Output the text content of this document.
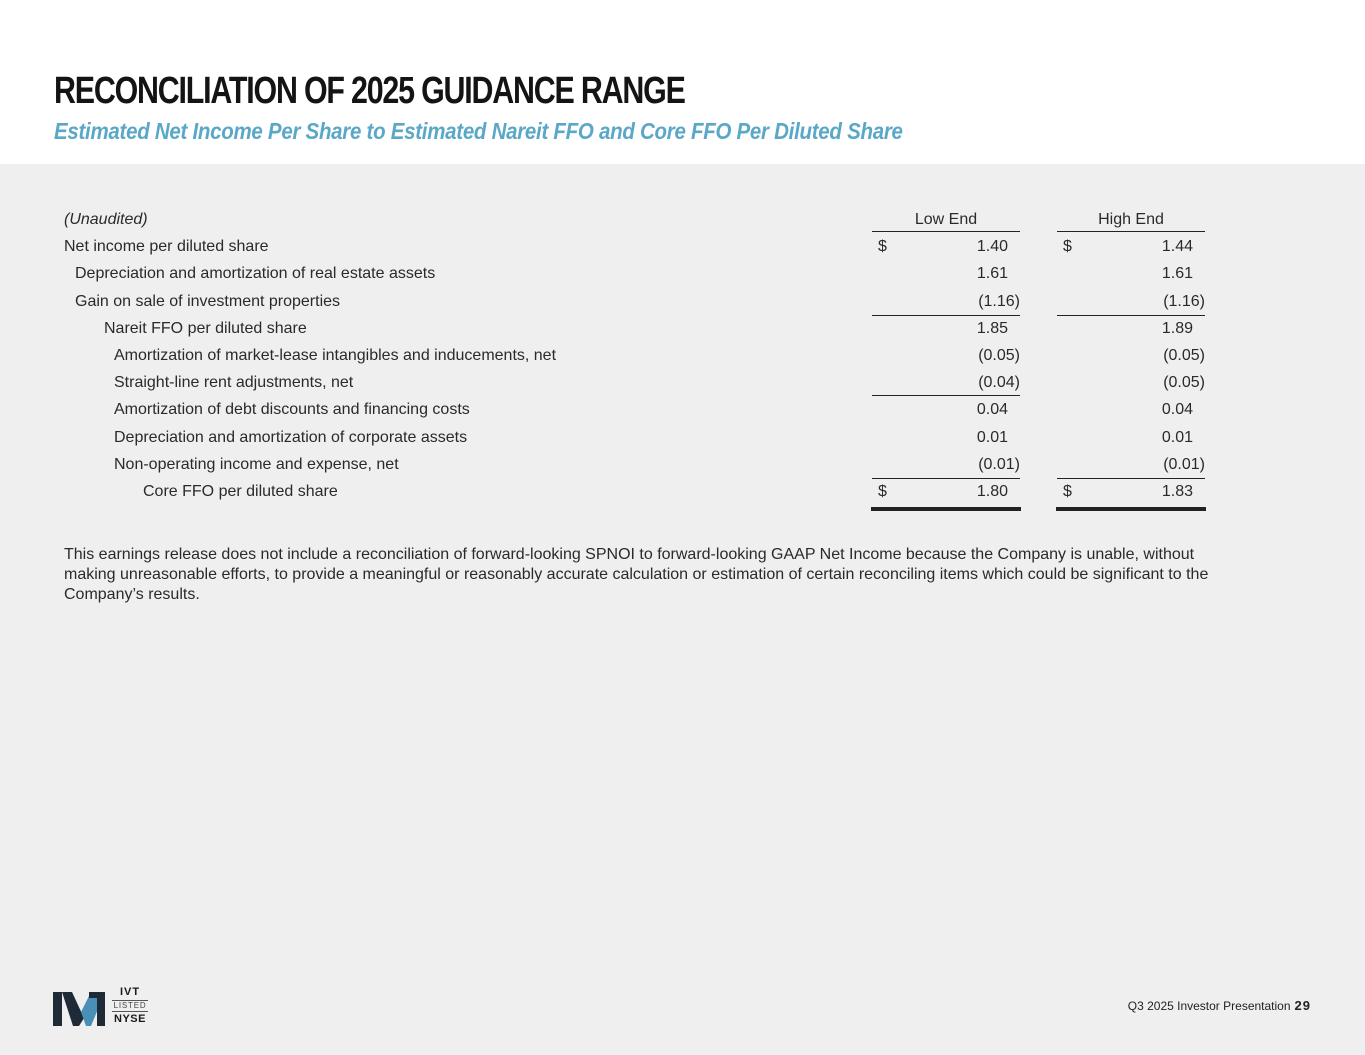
RECONCILIATION OF 2025 GUIDANCE RANGE
Estimated Net Income Per Share to Estimated Nareit FFO and Core FFO Per Diluted Share
(Unaudited)	Low End	High End
Net income per diluted share	$	1.40	$	1.44
Depreciation and amortization of real estate assets	1.61	1.61
Gain on sale of investment properties	(1.16)	(1.16)
Nareit FFO per diluted share	1.85	1.89
Amortization of market-lease intangibles and inducements, net	(0.05)	(0.05)
Straight-line rent adjustments, net	(0.04)	(0.05)
Amortization of debt discounts and financing costs	0.04	0.04
Depreciation and amortization of corporate assets	0.01	0.01
Non-operating income and expense, net	(0.01)	(0.01)
Core FFO per diluted share	$	1.80	$	1.83
This earnings release does not include a reconciliation of forward-looking SPNOI to forward-looking GAAP Net Income because the Company is unable, without making unreasonable efforts, to provide a meaningful or reasonably accurate calculation or estimation of certain reconciling items which could be significant to the Company’s results.
IVT
LISTED
NYSE
Q3 2025 Investor Presentation 29
